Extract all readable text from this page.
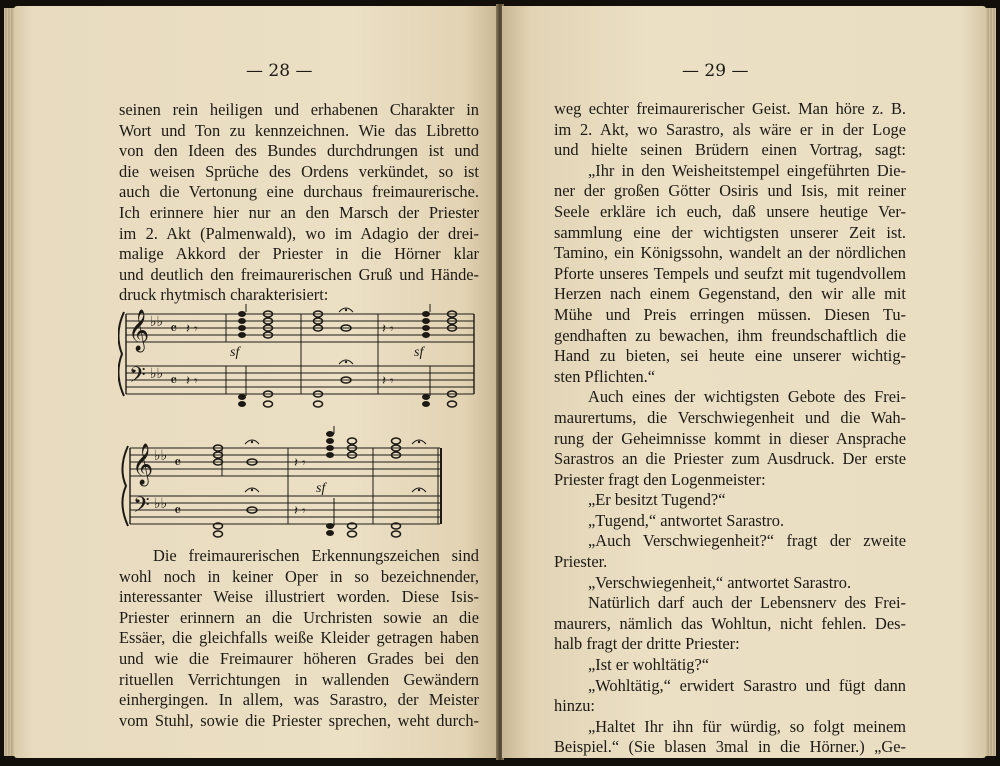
— 28 —
seinen rein heiligen und erhabenen Charakter in
Wort und Ton zu kennzeichnen. Wie das Libretto
von den Ideen des Bundes durchdrungen ist und
die weisen Sprüche des Ordens verkündet, so ist
auch die Vertonung eine durchaus freimaurerische.
Ich erinnere hier nur an den Marsch der Priester
im 2. Akt (Palmenwald), wo im Adagio der drei-
malige Akkord der Priester in die Hörner klar
und deutlich den freimaurerischen Gruß und Hände-
druck rhytmisch charakterisiert:
𝄞
𝄢
♭♭
♭♭
𝄴
𝄴
𝄽 𝄾
𝄽 𝄾
𝄽 𝄾
𝄽 𝄾
sf	sf
𝄞
𝄢
♭♭
♭♭
𝄴
𝄴
𝄽 𝄾
𝄽 𝄾
sf
Die freimaurerischen Erkennungszeichen sind
wohl noch in keiner Oper in so bezeichnender,
interessanter Weise illustriert worden. Diese Isis-
Priester erinnern an die Urchristen sowie an die
Essäer, die gleichfalls weiße Kleider getragen haben
und wie die Freimaurer höheren Grades bei den
rituellen Verrichtungen in wallenden Gewändern
einhergingen. In allem, was Sarastro, der Meister
vom Stuhl, sowie die Priester sprechen, weht durch-
— 29 —
weg echter freimaurerischer Geist. Man höre z. B.
im 2. Akt, wo Sarastro, als wäre er in der Loge
und hielte seinen Brüdern einen Vortrag, sagt:
„Ihr in den Weisheitstempel eingeführten Die-
ner der großen Götter Osiris und Isis, mit reiner
Seele erkläre ich euch, daß unsere heutige Ver-
sammlung eine der wichtigsten unserer Zeit ist.
Tamino, ein Königssohn, wandelt an der nördlichen
Pforte unseres Tempels und seufzt mit tugendvollem
Herzen nach einem Gegenstand, den wir alle mit
Mühe und Preis erringen müssen. Diesen Tu-
gendhaften zu bewachen, ihm freundschaftlich die
Hand zu bieten, sei heute eine unserer wichtig-
sten Pflichten.“
Auch eines der wichtigsten Gebote des Frei-
maurertums, die Verschwiegenheit und die Wah-
rung der Geheimnisse kommt in dieser Ansprache
Sarastros an die Priester zum Ausdruck. Der erste
Priester fragt den Logenmeister:
„Er besitzt Tugend?“
„Tugend,“ antwortet Sarastro.
„Auch Verschwiegenheit?“ fragt der zweite
Priester.
„Verschwiegenheit,“ antwortet Sarastro.
Natürlich darf auch der Lebensnerv des Frei-
maurers, nämlich das Wohltun, nicht fehlen. Des-
halb fragt der dritte Priester:
„Ist er wohltätig?“
„Wohltätig,“ erwidert Sarastro und fügt dann
hinzu:
„Haltet Ihr ihn für würdig, so folgt meinem
Beispiel.“ (Sie blasen 3mal in die Hörner.) „Ge-
